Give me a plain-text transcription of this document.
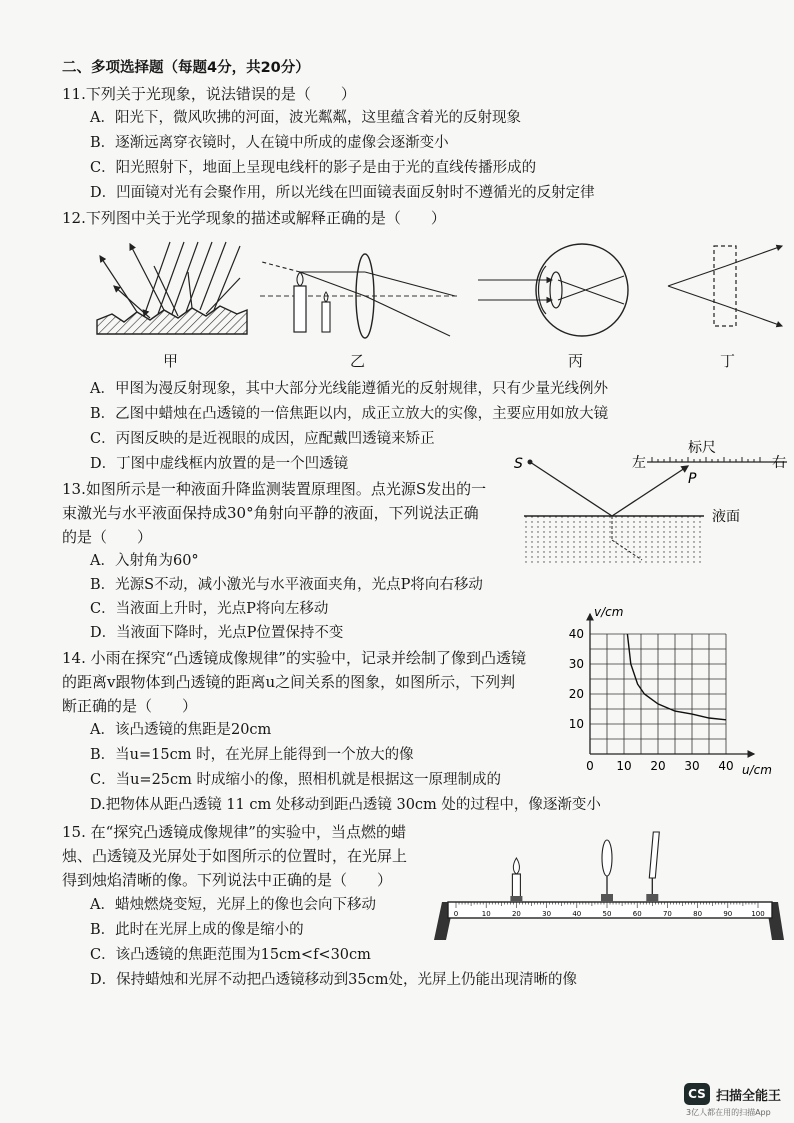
二、多项选择题（每题4分，共20分）
11.下列关于光现象，说法错误的是（　　）
A．阳光下，微风吹拂的河面，波光粼粼，这里蕴含着光的反射现象
B．逐渐远离穿衣镜时，人在镜中所成的虚像会逐渐变小
C．阳光照射下，地面上呈现电线杆的影子是由于光的直线传播形成的
D．凹面镜对光有会聚作用，所以光线在凹面镜表面反射时不遵循光的反射定律
12.下列图中关于光学现象的描述或解释正确的是（　　）
甲	乙	丙	丁
A．甲图为漫反射现象，其中大部分光线能遵循光的反射规律，只有少量光线例外
B．乙图中蜡烛在凸透镜的一倍焦距以内，成正立放大的实像，主要应用如放大镜
C．丙图反映的是近视眼的成因，应配戴凹透镜来矫正
D．丁图中虚线框内放置的是一个凹透镜
13.如图所示是一种液面升降监测装置原理图。点光源S发出的一
束激光与水平液面保持成30°角射向平静的液面，下列说法正确
的是（　　）
A．入射角为60°
B．光源S不动，减小激光与水平液面夹角，光点P将向右移动
C．当液面上升时，光点P将向左移动
D．当液面下降时，光点P位置保持不变
S	左
标尺
右
P
液面
14. 小雨在探究“凸透镜成像规律”的实验中，记录并绘制了像到凸透镜
的距离v跟物体到凸透镜的距离u之间关系的图象，如图所示，下列判
断正确的是（　　）
A．该凸透镜的焦距是20cm
B．当u=15cm 时，在光屏上能得到一个放大的像
C．当u=25cm 时成缩小的像，照相机就是根据这一原理制成的
D.把物体从距凸透镜 11 cm 处移动到距凸透镜 30cm 处的过程中，像逐渐变小
0 10 20 30 40
10
20
30
40
v/cm
u/cm
15. 在“探究凸透镜成像规律”的实验中，当点燃的蜡
烛、凸透镜及光屏处于如图所示的位置时，在光屏上
得到烛焰清晰的像。下列说法中正确的是（　　）
A．蜡烛燃烧变短，光屏上的像也会向下移动
B．此时在光屏上成的像是缩小的
C．该凸透镜的焦距范围为15cm<f<30cm
D．保持蜡烛和光屏不动把凸透镜移动到35cm处，光屏上仍能出现清晰的像
0	10	20	30	40	50	60	70	80	90	100
CS 扫描全能王
3亿人都在用的扫描App
